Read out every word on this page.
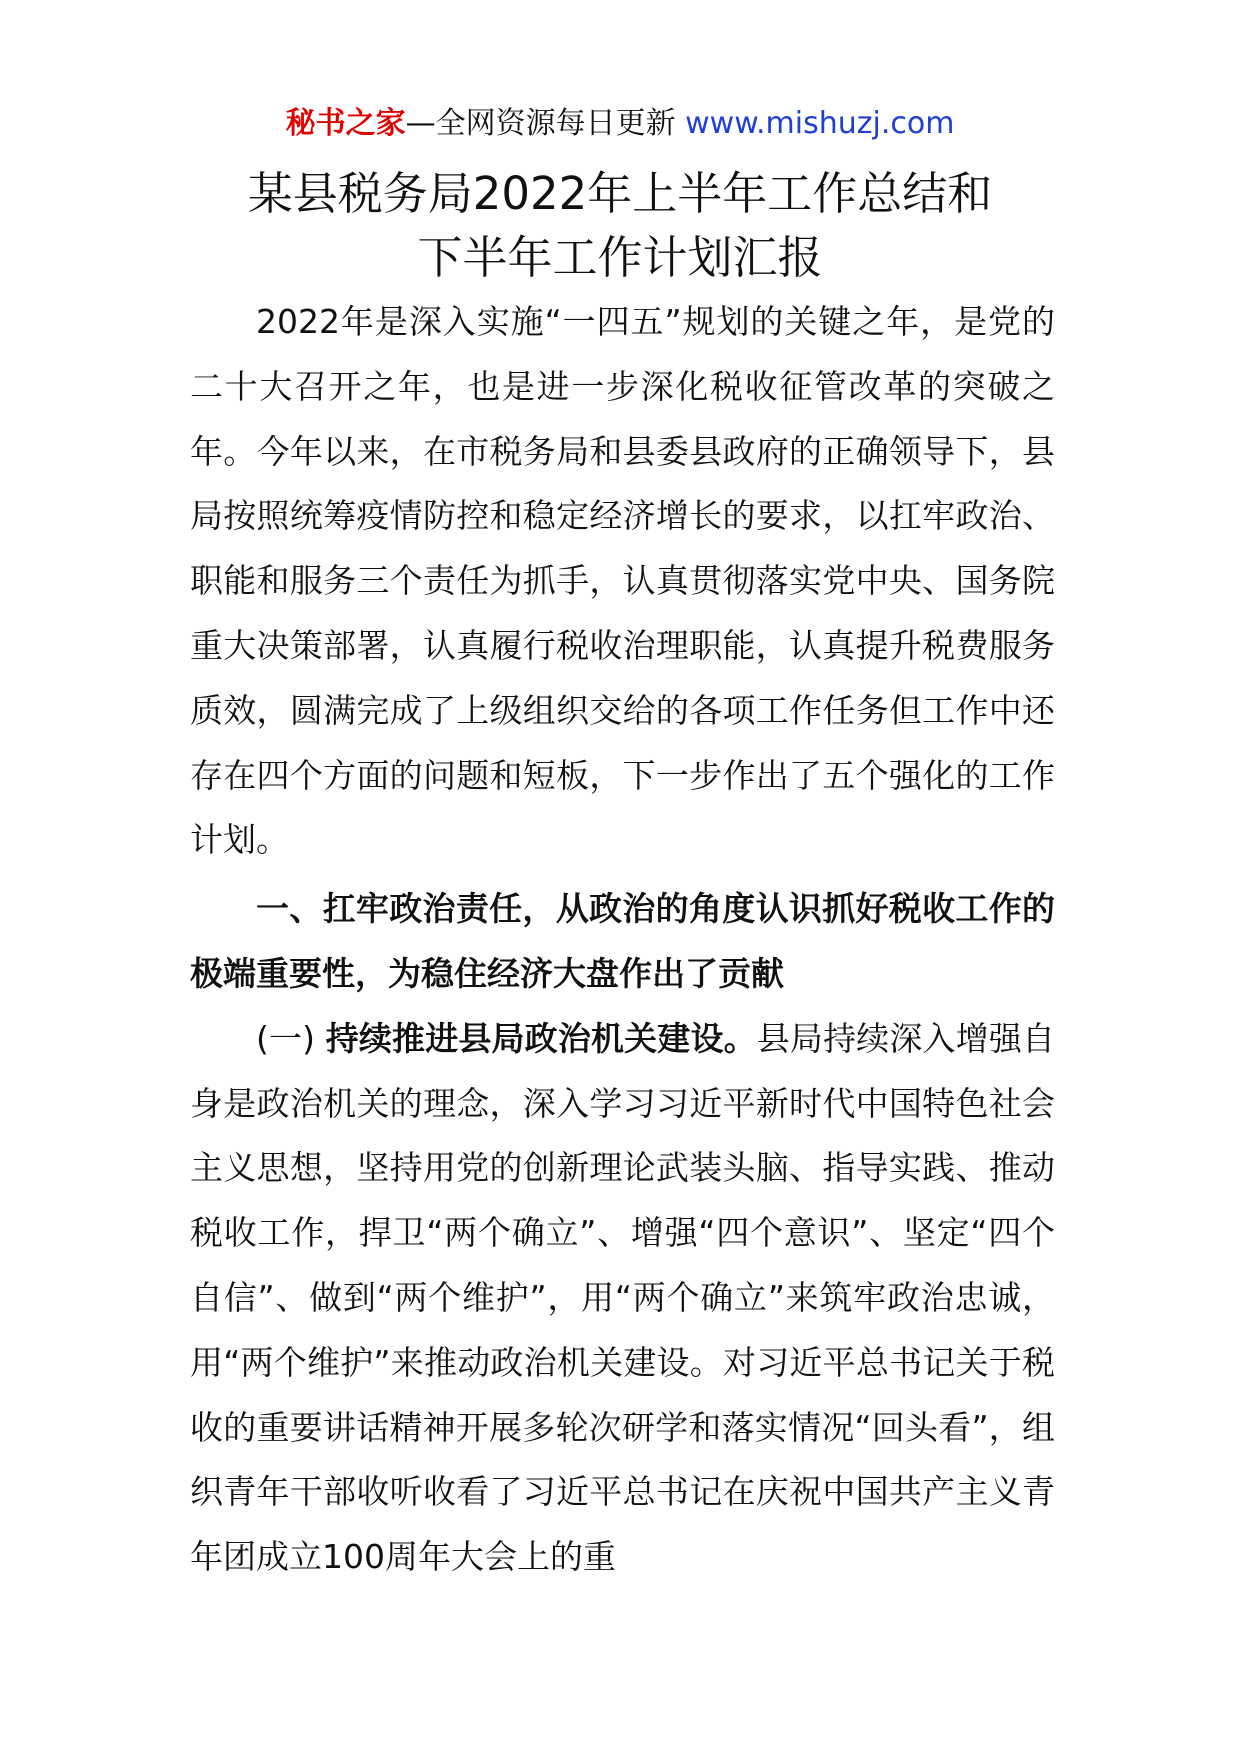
秘书之家—全网资源每日更新 www.mishuzj.com
某县税务局2022年上半年工作总结和
下半年工作计划汇报

2022年是深入实施“一四五”规划的关键之年，是党的二十大召开之年，也是进一步深化税收征管改革的突破之年。今年以来，在市税务局和县委县政府的正确领导下，县局按照统筹疫情防控和稳定经济增长的要求，以扛牢政治、职能和服务三个责任为抓手，认真贯彻落实党中央、国务院重大决策部署，认真履行税收治理职能，认真提升税费服务质效，圆满完成了上级组织交给的各项工作任务但工作中还存在四个方面的问题和短板，下一步作出了五个强化的工作计划。

一、扛牢政治责任，从政治的角度认识抓好税收工作的极端重要性，为稳住经济大盘作出了贡献

(一) 持续推进县局政治机关建设。县局持续深入增强自身是政治机关的理念，深入学习习近平新时代中国特色社会主义思想，坚持用党的创新理论武装头脑、指导实践、推动税收工作，捍卫“两个确立”、增强“四个意识”、坚定“四个自信”、做到“两个维护”，用“两个确立”来筑牢政治忠诚，用“两个维护”来推动政治机关建设。对习近平总书记关于税收的重要讲话精神开展多轮次研学和落实情况“回头看”，组织青年干部收听收看了习近平总书记在庆祝中国共产主义青年团成立100周年大会上的重
